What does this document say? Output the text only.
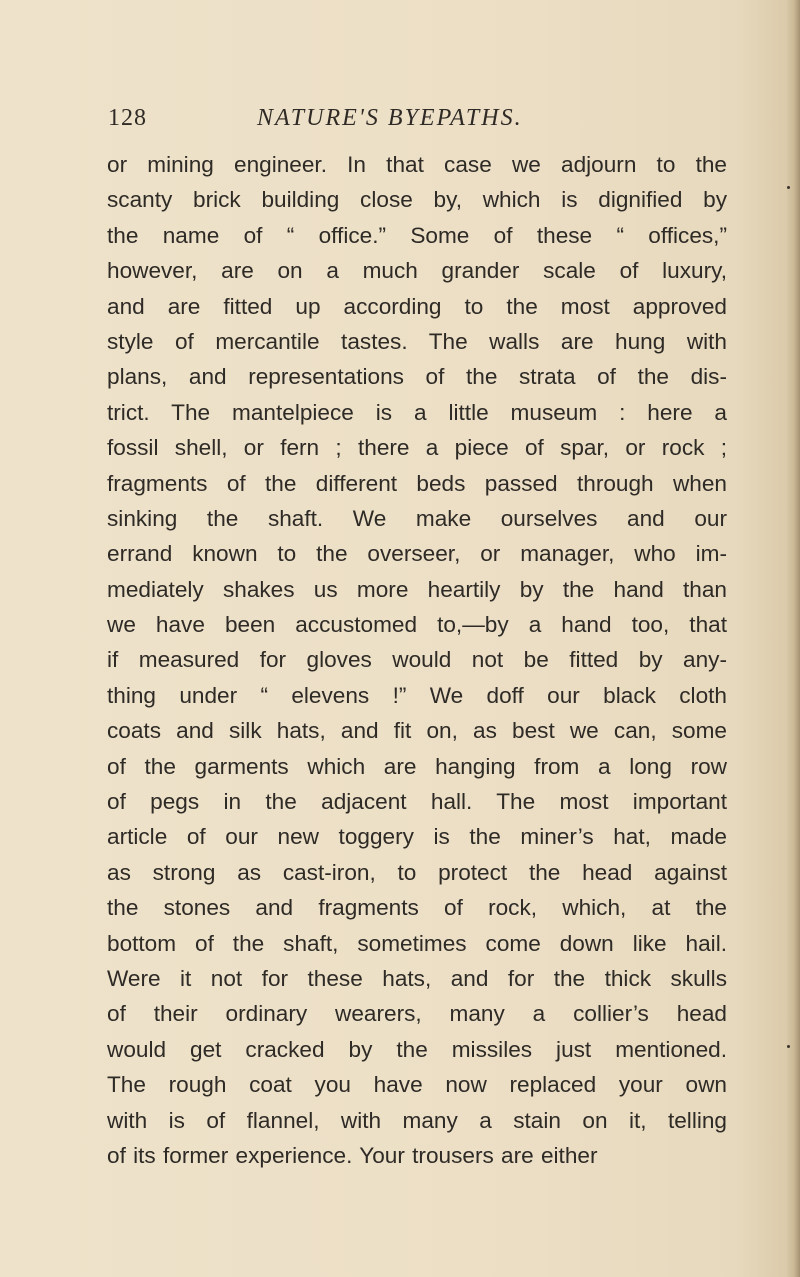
128	NATURE'S BYEPATHS.
or mining engineer. In that case we adjourn to the
scanty brick building close by, which is dignified by
the name of “ office.” Some of these “ offices,”
however, are on a much grander scale of luxury,
and are fitted up according to the most approved
style of mercantile tastes. The walls are hung with
plans, and representations of the strata of the dis-
trict. The mantelpiece is a little museum : here a
fossil shell, or fern ; there a piece of spar, or rock ;
fragments of the different beds passed through when
sinking the shaft. We make ourselves and our
errand known to the overseer, or manager, who im-
mediately shakes us more heartily by the hand than
we have been accustomed to,—by a hand too, that
if measured for gloves would not be fitted by any-
thing under “ elevens !” We doff our black cloth
coats and silk hats, and fit on, as best we can, some
of the garments which are hanging from a long row
of pegs in the adjacent hall. The most important
article of our new toggery is the miner’s hat, made
as strong as cast-iron, to protect the head against
the stones and fragments of rock, which, at the
bottom of the shaft, sometimes come down like hail.
Were it not for these hats, and for the thick skulls
of their ordinary wearers, many a collier’s head
would get cracked by the missiles just mentioned.
The rough coat you have now replaced your own
with is of flannel, with many a stain on it, telling
of its former experience. Your trousers are either
